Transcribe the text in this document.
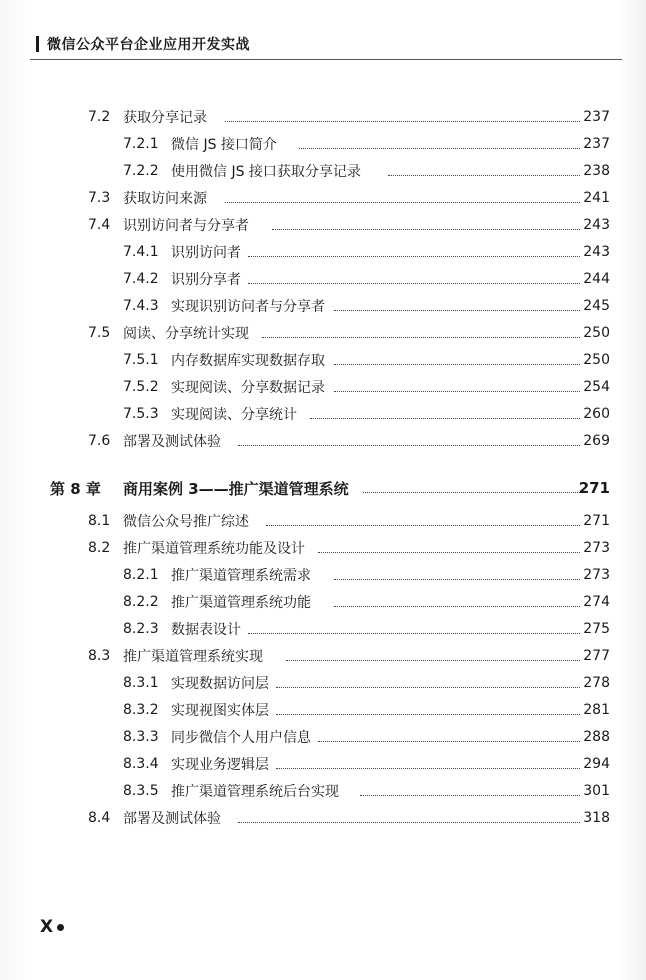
微信公众平台企业应用开发实战
7.2 获取分享记录	237
7.2.1 微信 JS 接口简介	237
7.2.2 使用微信 JS 接口获取分享记录	238
7.3 获取访问来源	241
7.4 识别访问者与分享者	243
7.4.1 识别访问者	243
7.4.2 识别分享者	244
7.4.3 实现识别访问者与分享者	245
7.5 阅读、分享统计实现	250
7.5.1 内存数据库实现数据存取	250
7.5.2 实现阅读、分享数据记录	254
7.5.3 实现阅读、分享统计	260
7.6 部署及测试体验	269
第 8 章 商用案例 3——推广渠道管理系统	271
8.1 微信公众号推广综述	271
8.2 推广渠道管理系统功能及设计	273
8.2.1 推广渠道管理系统需求	273
8.2.2 推广渠道管理系统功能	274
8.2.3 数据表设计	275
8.3 推广渠道管理系统实现	277
8.3.1 实现数据访问层	278
8.3.2 实现视图实体层	281
8.3.3 同步微信个人用户信息	288
8.3.4 实现业务逻辑层	294
8.3.5 推广渠道管理系统后台实现	301
8.4 部署及测试体验	318
X
